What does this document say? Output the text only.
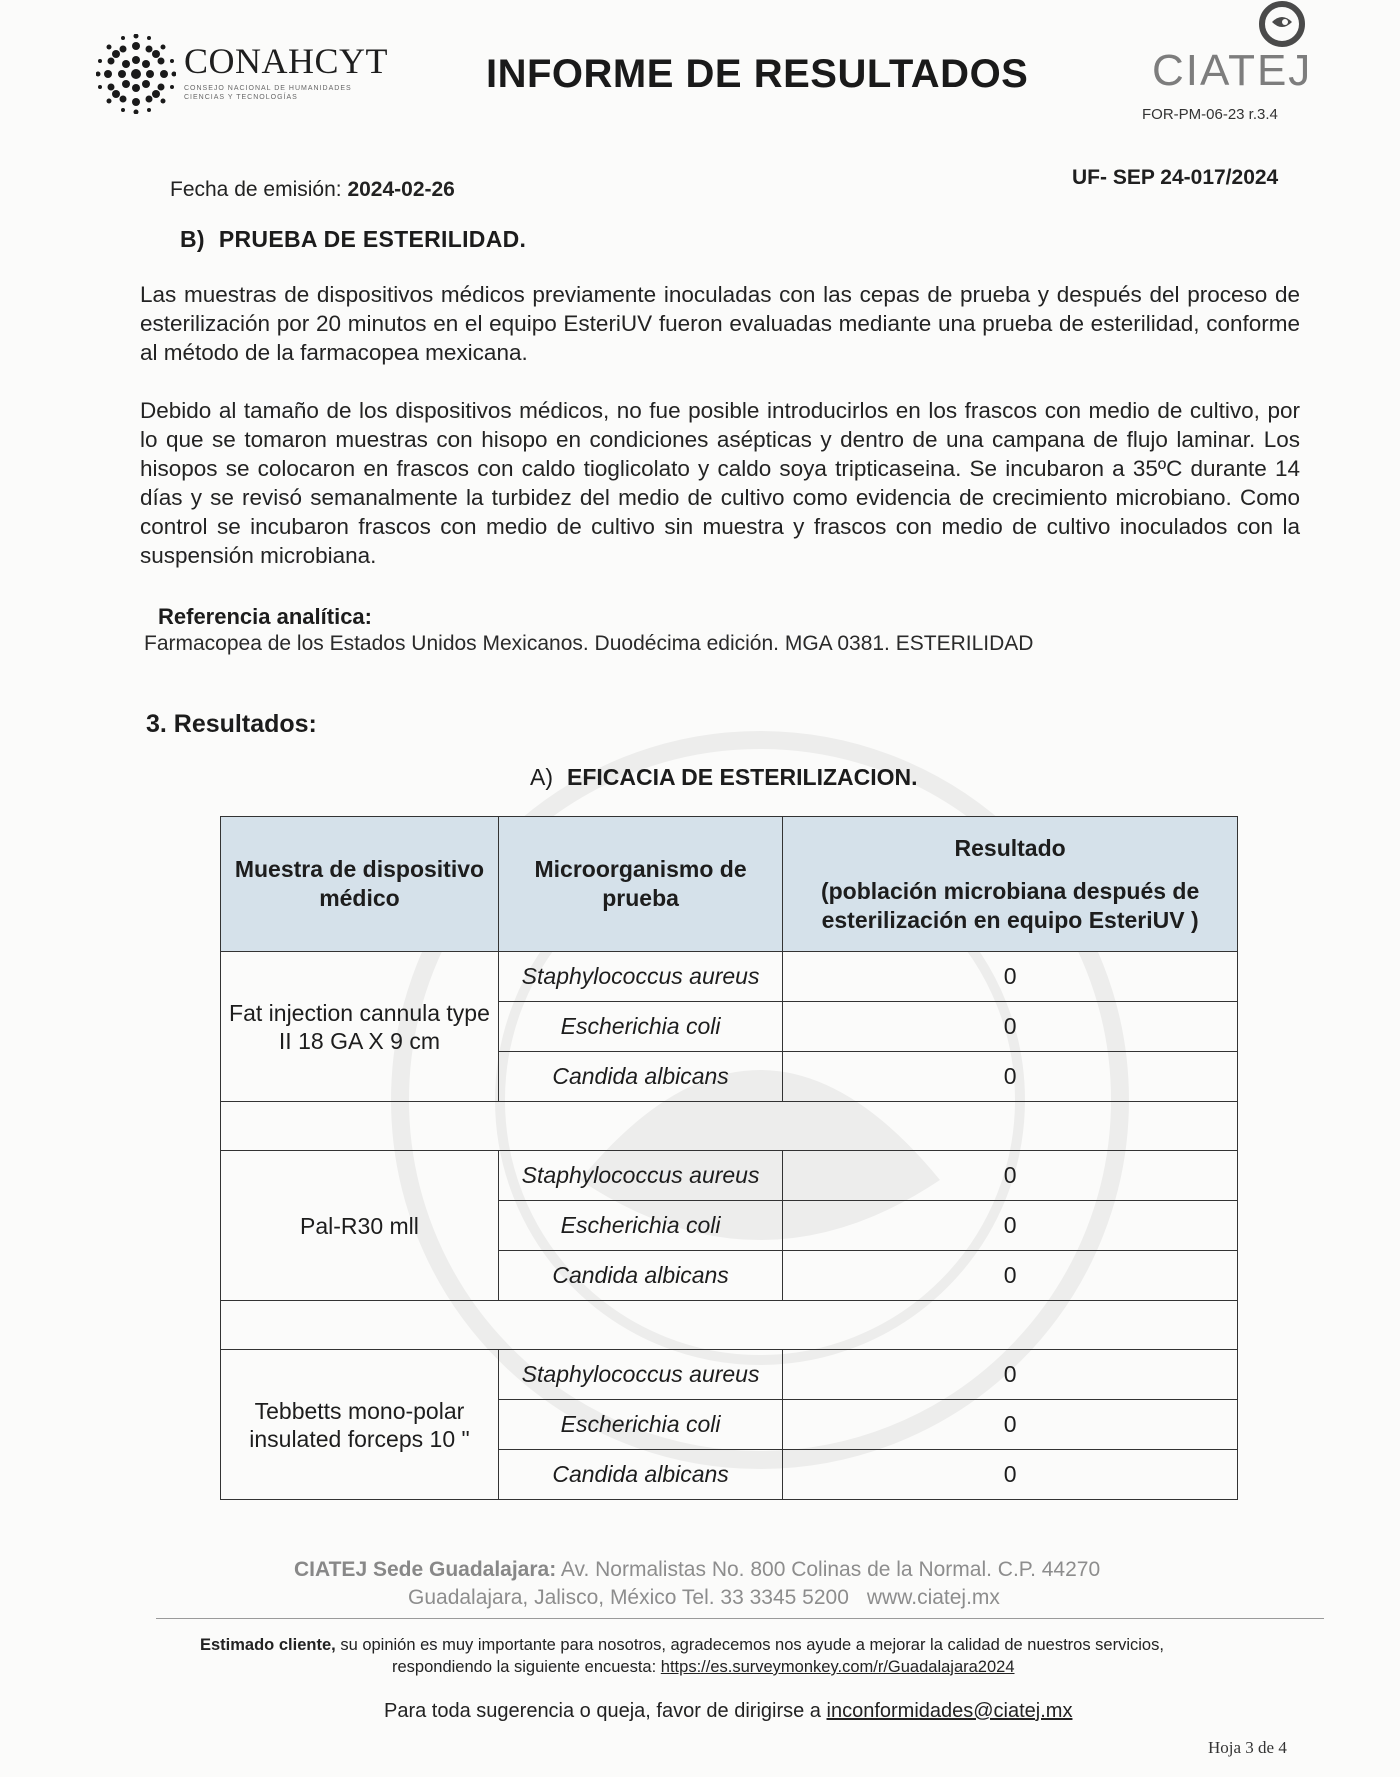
CONAHCYT
CONSEJO NACIONAL DE HUMANIDADES CIENCIAS Y TECNOLOGÍAS
INFORME DE RESULTADOS	CIATEJ
FOR-PM-06-23 r.3.4
Fecha de emisión: 2024-02-26
UF- SEP 24-017/2024
B) PRUEBA DE ESTERILIDAD.
Las muestras de dispositivos médicos previamente inoculadas con las cepas de prueba y después del proceso de esterilización por 20 minutos en el equipo EsteriUV fueron evaluadas mediante una prueba de esterilidad, conforme al método de la farmacopea mexicana.
Debido al tamaño de los dispositivos médicos, no fue posible introducirlos en los frascos con medio de cultivo, por lo que se tomaron muestras con hisopo en condiciones asépticas y dentro de una campana de flujo laminar. Los hisopos se colocaron en frascos con caldo tioglicolato y caldo soya tripticaseina. Se incubaron a 35ºC durante 14 días y se revisó semanalmente la turbidez del medio de cultivo como evidencia de crecimiento microbiano. Como control se incubaron frascos con medio de cultivo sin muestra y frascos con medio de cultivo inoculados con la suspensión microbiana.
Referencia analítica:
Farmacopea de los Estados Unidos Mexicanos. Duodécima edición. MGA 0381. ESTERILIDAD
3. Resultados:
A) EFICACIA DE ESTERILIZACION.
Muestra de dispositivo médico	Microorganismo de prueba	Resultado
(población microbiana después de esterilización en equipo EsteriUV )

Fat injection cannula type II 18 GA X 9 cm	Staphylococcus aureus	0
	Escherichia coli	0
	Candida albicans	0

Pal-R30 mll	Staphylococcus aureus	0
	Escherichia coli	0
	Candida albicans	0

Tebbetts mono-polar insulated forceps 10 "	Staphylococcus aureus	0
	Escherichia coli	0
	Candida albicans	0
CIATEJ Sede Guadalajara: Av. Normalistas No. 800 Colinas de la Normal. C.P. 44270
Guadalajara, Jalisco, México Tel. 33 3345 5200 www.ciatej.mx
Estimado cliente, su opinión es muy importante para nosotros, agradecemos nos ayude a mejorar la calidad de nuestros servicios,
respondiendo la siguiente encuesta: https://es.surveymonkey.com/r/Guadalajara2024
Para toda sugerencia o queja, favor de dirigirse a inconformidades@ciatej.mx
Hoja 3 de 4
